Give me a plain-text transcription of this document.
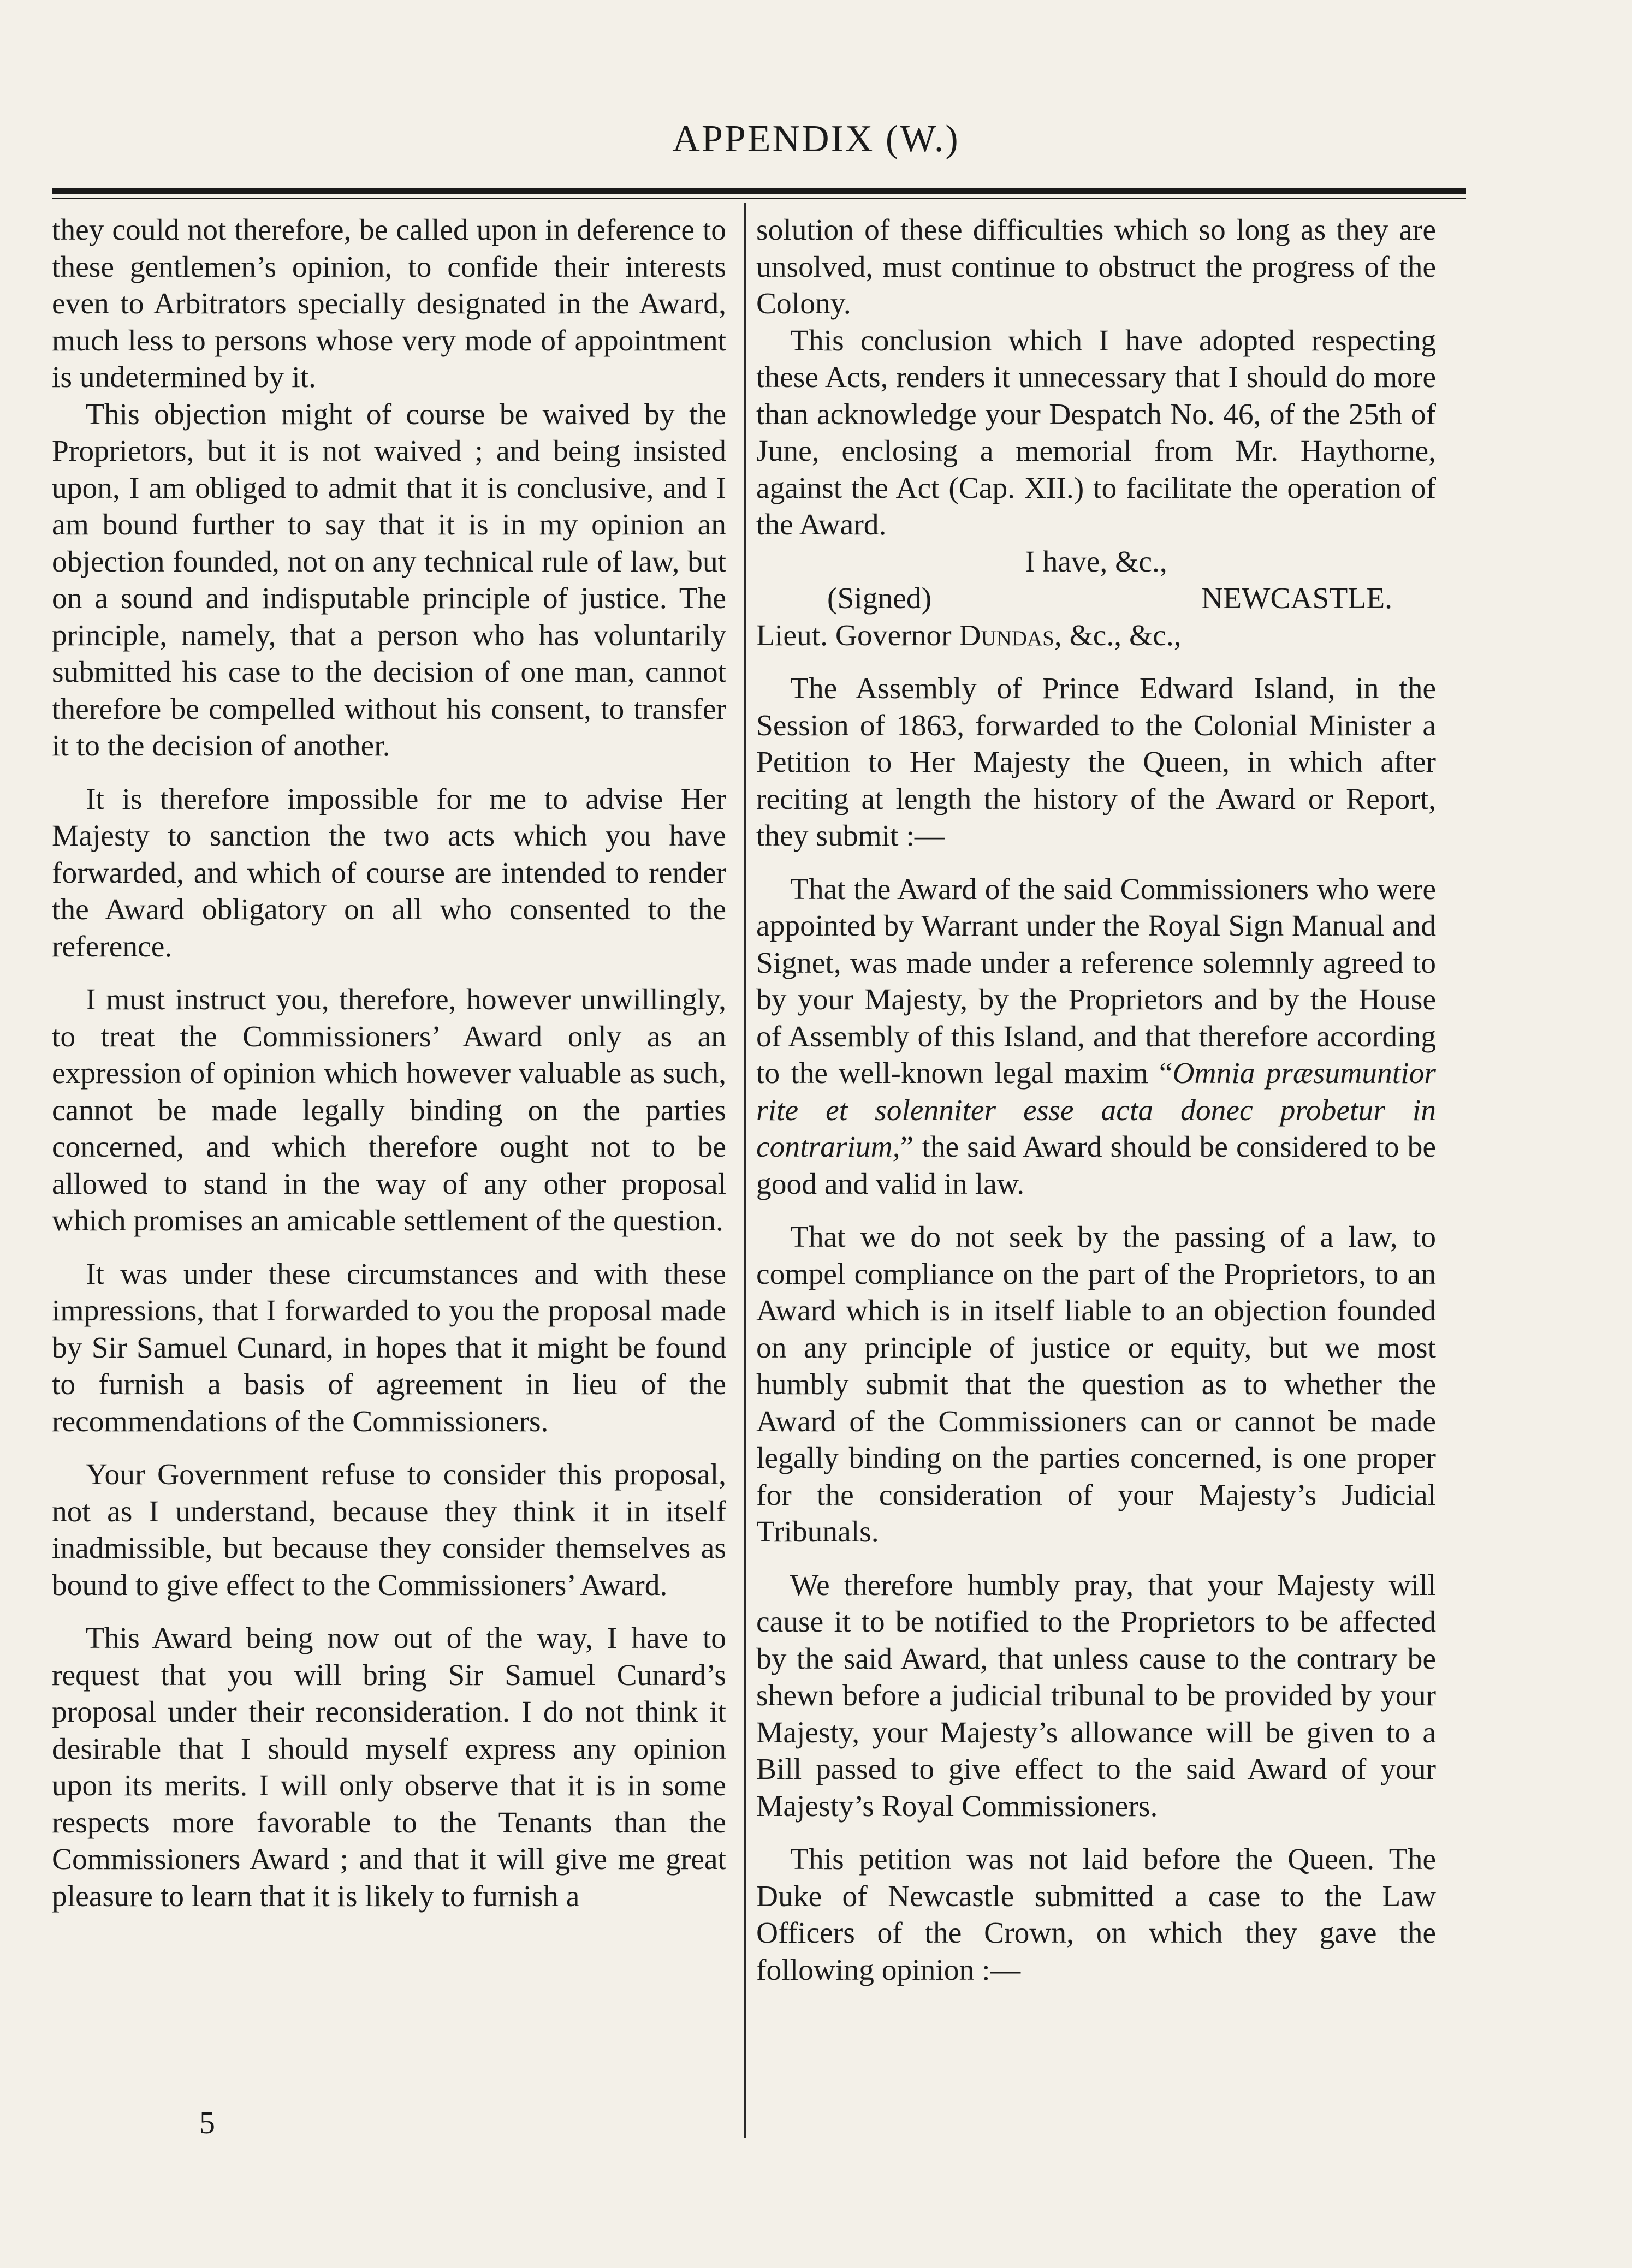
APPENDIX (W.)

they could not therefore, be called upon in deference to these gentlemen’s opinion, to confide their interests even to Arbitrators specially designated in the Award, much less to persons whose very mode of appointment is undetermined by it.

This objection might of course be waived by the Proprietors, but it is not waived ; and being insisted upon, I am obliged to admit that it is conclusive, and I am bound further to say that it is in my opinion an objection founded, not on any technical rule of law, but on a sound and indisputable principle of justice. The principle, namely, that a person who has voluntarily submitted his case to the decision of one man, cannot therefore be compelled without his consent, to transfer it to the decision of another.

It is therefore impossible for me to advise Her Majesty to sanction the two acts which you have forwarded, and which of course are intended to render the Award obligatory on all who consented to the reference.

I must instruct you, therefore, however unwillingly, to treat the Commissioners’ Award only as an expression of opinion which however valuable as such, cannot be made legally binding on the parties concerned, and which therefore ought not to be allowed to stand in the way of any other proposal which promises an amicable settlement of the question.

It was under these circumstances and with these impressions, that I forwarded to you the proposal made by Sir Samuel Cunard, in hopes that it might be found to furnish a basis of agreement in lieu of the recommendations of the Commissioners.

Your Government refuse to consider this proposal, not as I understand, because they think it in itself inadmissible, but because they consider themselves as bound to give effect to the Commissioners’ Award.

This Award being now out of the way, I have to request that you will bring Sir Samuel Cunard’s proposal under their reconsideration. I do not think it desirable that I should myself express any opinion upon its merits. I will only observe that it is in some respects more favorable to the Tenants than the Commissioners Award ; and that it will give me great pleasure to learn that it is likely to furnish a

solution of these difficulties which so long as they are unsolved, must continue to obstruct the progress of the Colony.

This conclusion which I have adopted respecting these Acts, renders it unnecessary that I should do more than acknowledge your Despatch No. 46, of the 25th of June, enclosing a memorial from Mr. Haythorne, against the Act (Cap. XII.) to facilitate the operation of the Award.

I have, &c.,

(Signed)	NEWCASTLE.

Lieut. Governor Dundas, &c., &c.,

The Assembly of Prince Edward Island, in the Session of 1863, forwarded to the Colonial Minister a Petition to Her Majesty the Queen, in which after reciting at length the history of the Award or Report, they submit :—

That the Award of the said Commissioners who were appointed by Warrant under the Royal Sign Manual and Signet, was made under a reference solemnly agreed to by your Majesty, by the Proprietors and by the House of Assembly of this Island, and that therefore according to the well-known legal maxim “Omnia præsumuntior rite et solenniter esse acta donec probetur in contrarium,” the said Award should be considered to be good and valid in law.

That we do not seek by the passing of a law, to compel compliance on the part of the Proprietors, to an Award which is in itself liable to an objection founded on any principle of justice or equity, but we most humbly submit that the question as to whether the Award of the Commissioners can or cannot be made legally binding on the parties concerned, is one proper for the consideration of your Majesty’s Judicial Tribunals.

We therefore humbly pray, that your Majesty will cause it to be notified to the Proprietors to be affected by the said Award, that unless cause to the contrary be shewn before a judicial tribunal to be provided by your Majesty, your Majesty’s allowance will be given to a Bill passed to give effect to the said Award of your Majesty’s Royal Commissioners.

This petition was not laid before the Queen. The Duke of Newcastle submitted a case to the Law Officers of the Crown, on which they gave the following opinion :—

5
